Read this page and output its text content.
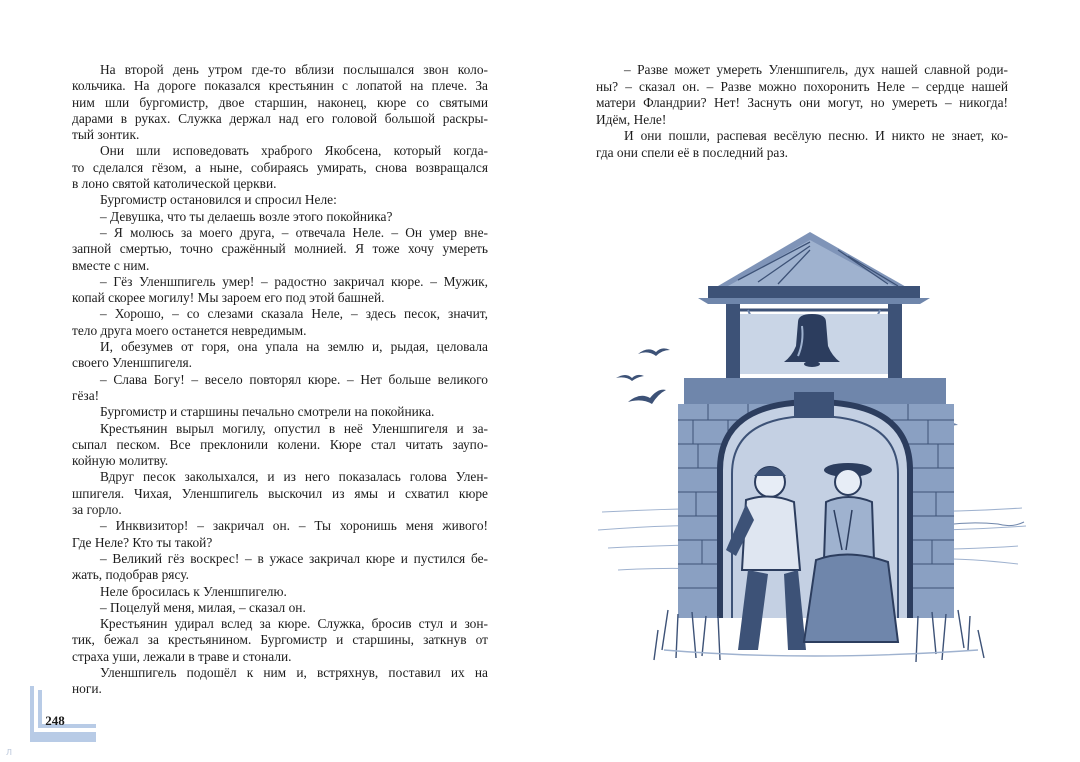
На второй день утром где-то вблизи послышался звон коло-
кольчика. На дороге показался крестьянин с лопатой на плече. За
ним шли бургомистр, двое старшин, наконец, кюре со святыми
дарами в руках. Служка держал над его головой большой раскры-
тый зонтик.
Они шли исповедовать храброго Якобсена, который когда-
то сделался гёзом, а ныне, собираясь умирать, снова возвращался
в лоно святой католической церкви.
Бургомистр остановился и спросил Неле:
– Девушка, что ты делаешь возле этого покойника?
– Я молюсь за моего друга, – отвечала Неле. – Он умер вне-
запной смертью, точно сражённый молнией. Я тоже хочу умереть
вместе с ним.
– Гёз Уленшпигель умер! – радостно закричал кюре. – Мужик,
копай скорее могилу! Мы зароем его под этой башней.
– Хорошо, – со слезами сказала Неле, – здесь песок, значит,
тело друга моего останется невредимым.
И, обезумев от горя, она упала на землю и, рыдая, целовала
своего Уленшпигеля.
– Слава Богу! – весело повторял кюре. – Нет больше великого
гёза!
Бургомистр и старшины печально смотрели на покойника.
Крестьянин вырыл могилу, опустил в неё Уленшпигеля и за-
сыпал песком. Все преклонили колени. Кюре стал читать заупо-
койную молитву.
Вдруг песок заколыхался, и из него показалась голова Улен-
шпигеля. Чихая, Уленшпигель выскочил из ямы и схватил кюре
за горло.
– Инквизитор! – закричал он. – Ты хоронишь меня живого!
Где Неле? Кто ты такой?
– Великий гёз воскрес! – в ужасе закричал кюре и пустился бе-
жать, подобрав рясу.
Неле бросилась к Уленшпигелю.
– Поцелуй меня, милая, – сказал он.
Крестьянин удирал вслед за кюре. Служка, бросив стул и зон-
тик, бежал за крестьянином. Бургомистр и старшины, заткнув от
страха уши, лежали в траве и стонали.
Уленшпигель подошёл к ним и, встряхнув, поставил их на
ноги.
– Разве может умереть Уленшпигель, дух нашей славной роди-
ны? – сказал он. – Разве можно похоронить Неле – сердце нашей
матери Фландрии? Нет! Заснуть они могут, но умереть – никогда!
Идём, Неле!
И они пошли, распевая весёлую песню. И никто не знает, ко-
гда они спели её в последний раз.
248
Л
